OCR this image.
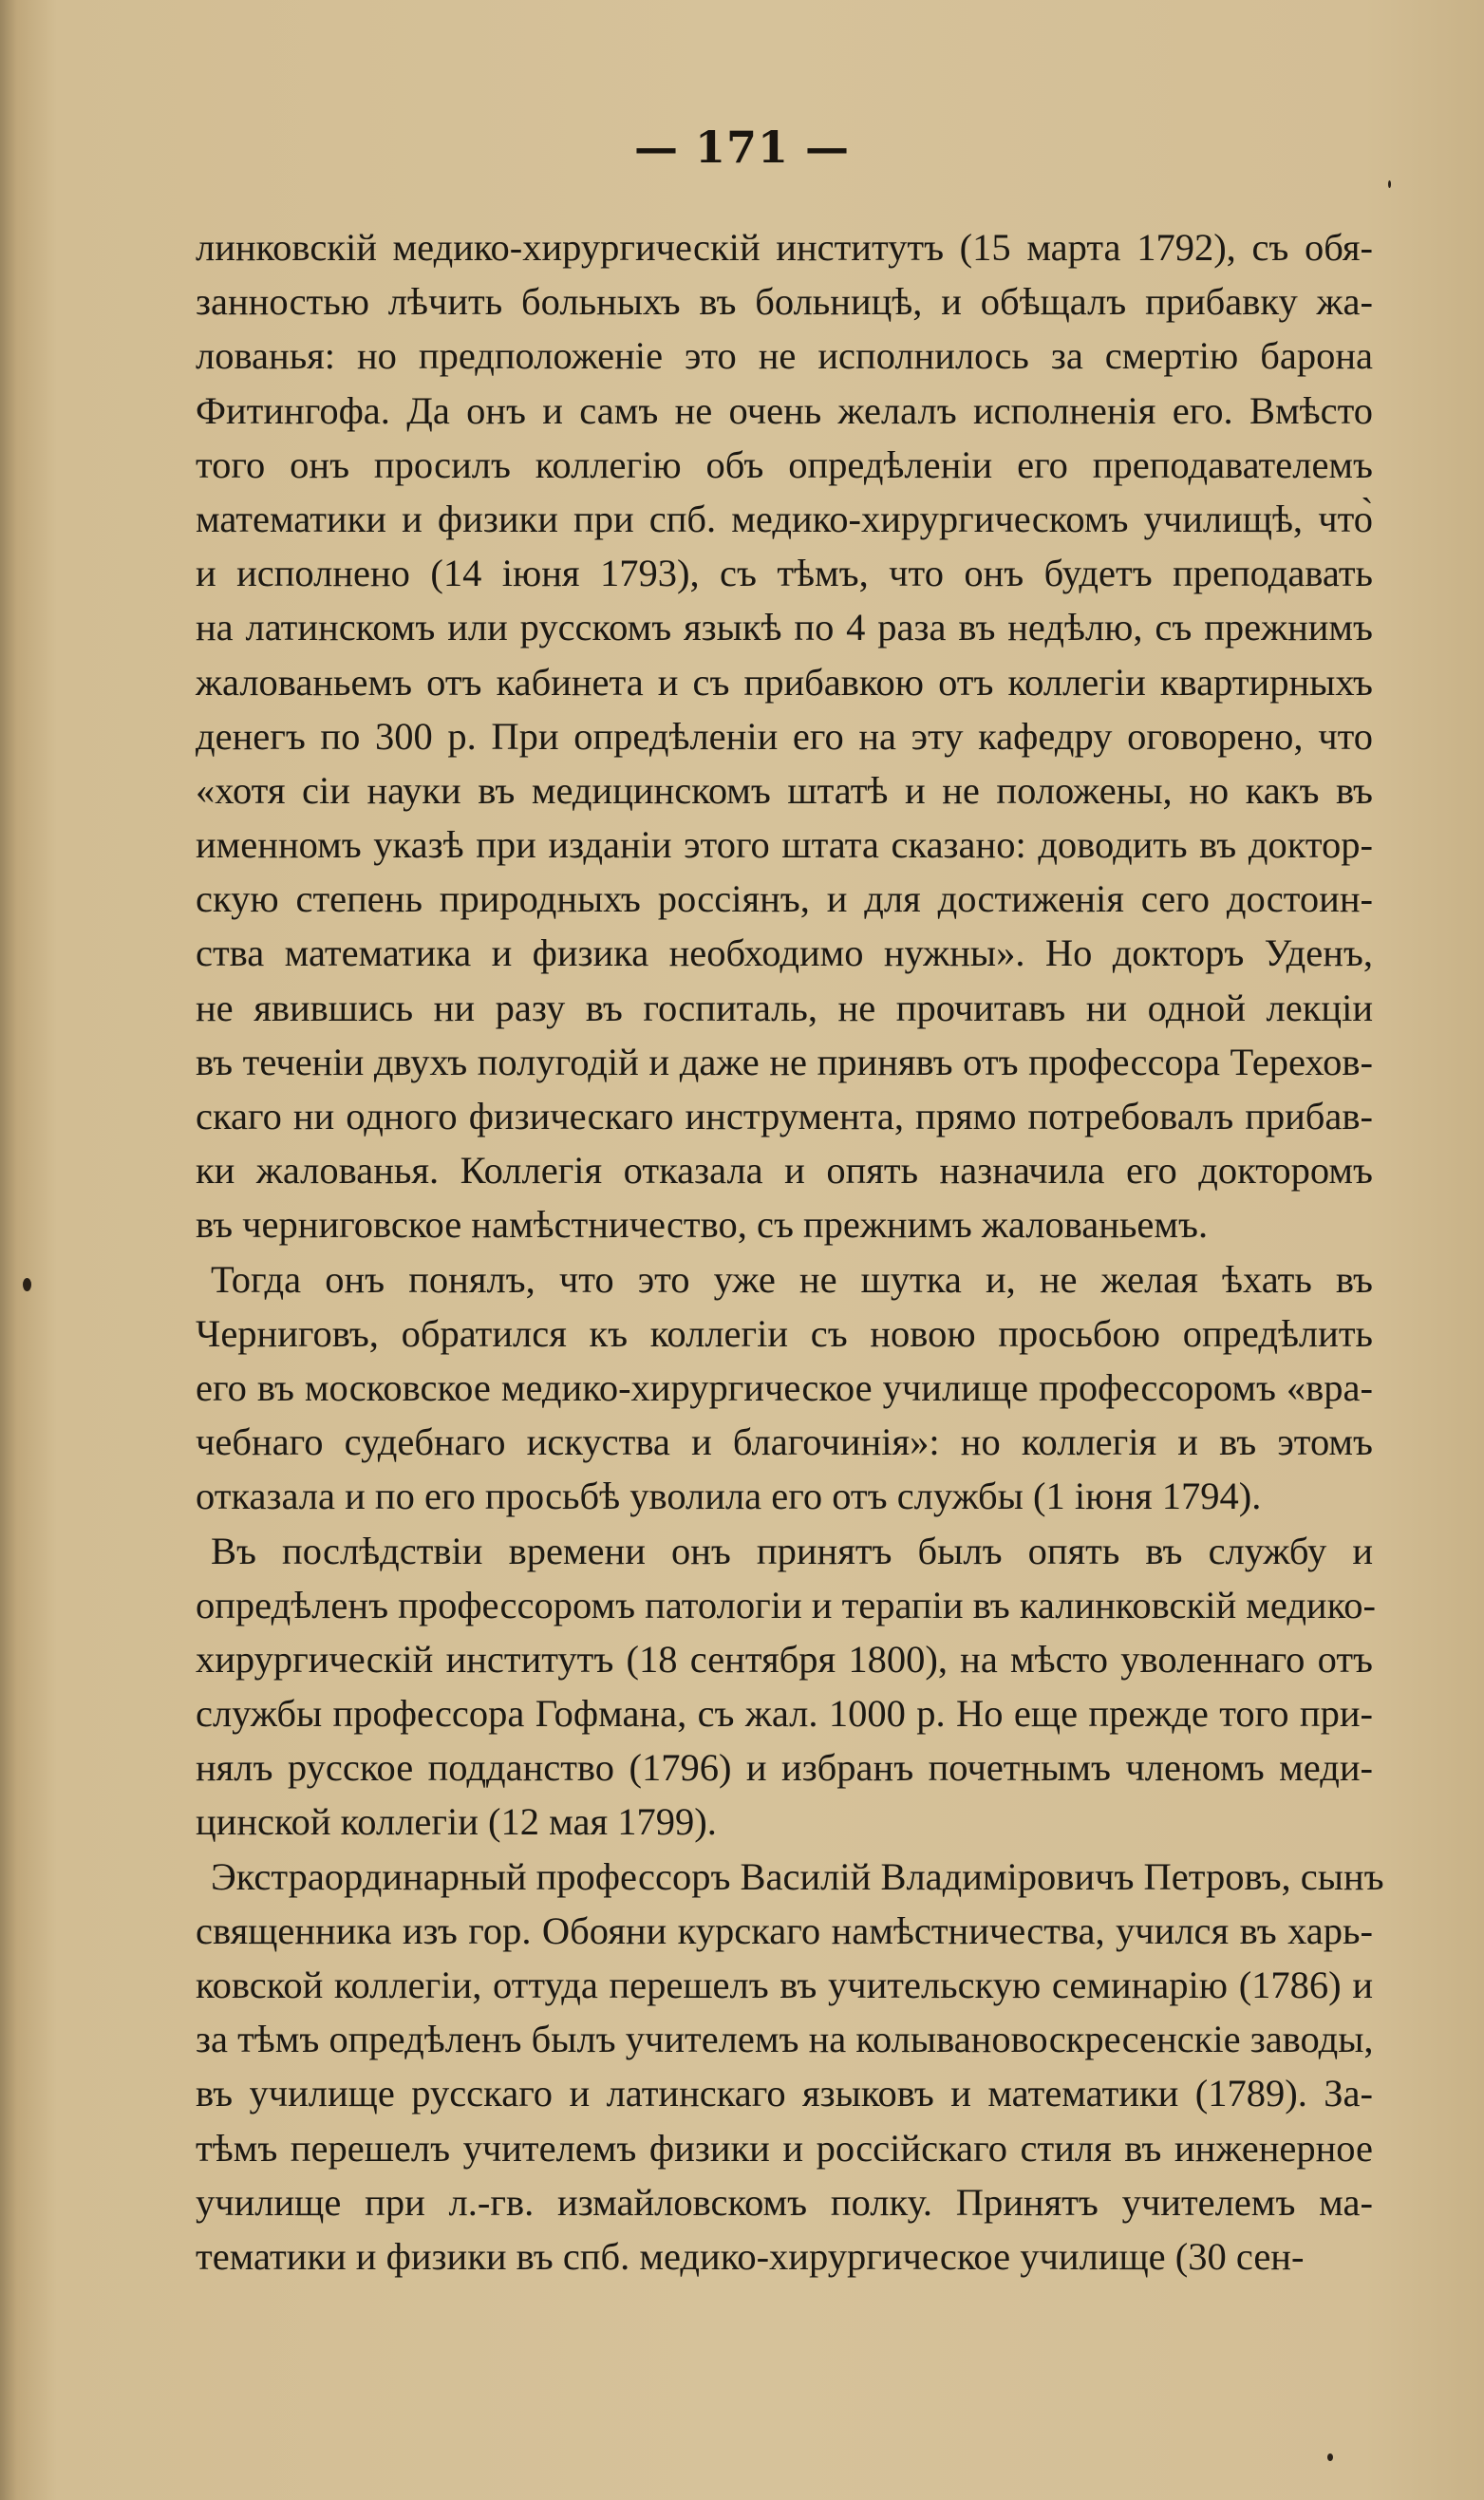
— 171 —
линковскій медико-хирургическій институтъ (15 марта 1792), съ обя-
занностью лѣчить больныхъ въ больницѣ, и обѣщалъ прибавку жа-
лованья: но предположеніе это не исполнилось за смертію барона
Фитингофа. Да онъ и самъ не очень желалъ исполненія его. Вмѣсто
того онъ просилъ коллегію объ опредѣленіи его преподавателемъ
математики и физики при спб. медико-хирургическомъ училищѣ, что̀
и исполнено (14 іюня 1793), съ тѣмъ, что онъ будетъ преподавать
на латинскомъ или русскомъ языкѣ по 4 раза въ недѣлю, съ прежнимъ
жалованьемъ отъ кабинета и съ прибавкою отъ коллегіи квартирныхъ
денегъ по 300 р. При опредѣленіи его на эту кафедру оговорено, что
«хотя сіи науки въ медицинскомъ штатѣ и не положены, но какъ въ
именномъ указѣ при изданіи этого штата сказано: доводить въ доктор-
скую степень природныхъ россіянъ, и для достиженія сего достоин-
ства математика и физика необходимо нужны». Но докторъ Уденъ,
не явившись ни разу въ госпиталь, не прочитавъ ни одной лекціи
въ теченіи двухъ полугодій и даже не принявъ отъ профессора Терехов-
скаго ни одного физическаго инструмента, прямо потребовалъ прибав-
ки жалованья. Коллегія отказала и опять назначила его докторомъ
въ черниговское намѣстничество, съ прежнимъ жалованьемъ.
Тогда онъ понялъ, что это уже не шутка и, не желая ѣхать въ
Черниговъ, обратился къ коллегіи съ новою просьбою опредѣлить
его въ московское медико-хирургическое училище профессоромъ «вра-
чебнаго судебнаго искуства и благочинія»: но коллегія и въ этомъ
отказала и по его просьбѣ уволила его отъ службы (1 іюня 1794).
Въ послѣдствіи времени онъ принятъ былъ опять въ службу и
опредѣленъ профессоромъ патологіи и терапіи въ калинковскій медико-
хирургическій институтъ (18 сентября 1800), на мѣсто уволеннаго отъ
службы профессора Гофмана, съ жал. 1000 р. Но еще прежде того при-
нялъ русское подданство (1796) и избранъ почетнымъ членомъ меди-
цинской коллегіи (12 мая 1799).
Экстраординарный профессоръ Василій Владиміровичъ Петровъ, сынъ
священника изъ гор. Обояни курскаго намѣстничества, учился въ харь-
ковской коллегіи, оттуда перешелъ въ учительскую семинарію (1786) и
за тѣмъ опредѣленъ былъ учителемъ на колывановоскресенскіе заводы,
въ училище русскаго и латинскаго языковъ и математики (1789). За-
тѣмъ перешелъ учителемъ физики и россійскаго стиля въ инженерное
училище при л.-гв. измайловскомъ полку. Принятъ учителемъ ма-
тематики и физики въ спб. медико-хирургическое училище (30 сен-
